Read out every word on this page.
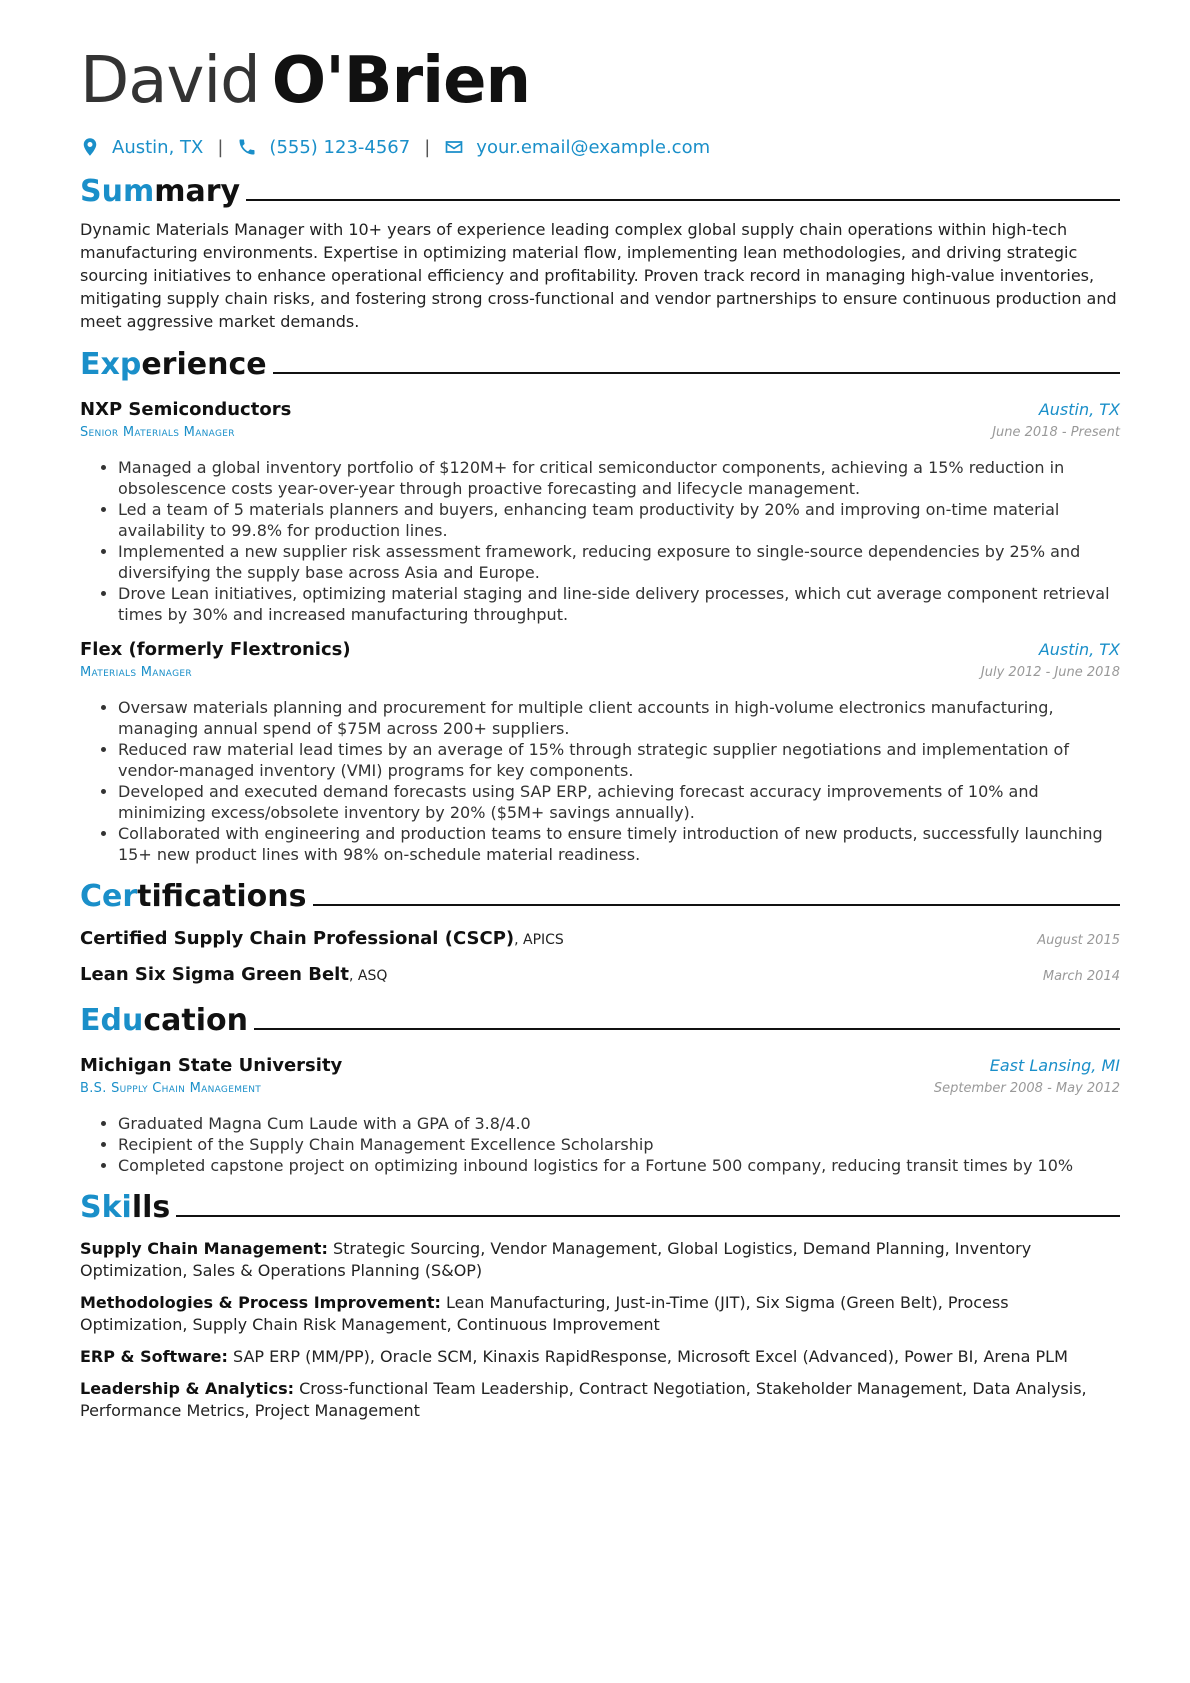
David O'Brien
Austin, TX |	(555) 123-4567 |	your.email@example.com
Summary
Dynamic Materials Manager with 10+ years of experience leading complex global supply chain operations within high-tech manufacturing environments. Expertise in optimizing material flow, implementing lean methodologies, and driving strategic sourcing initiatives to enhance operational efficiency and profitability. Proven track record in managing high-value inventories, mitigating supply chain risks, and fostering strong cross-functional and vendor partnerships to ensure continuous production and meet aggressive market demands.
Experience
NXP Semiconductors	Austin, TX
Senior Materials Manager	June 2018 - Present
• Managed a global inventory portfolio of $120M+ for critical semiconductor components, achieving a 15% reduction in obsolescence costs year-over-year through proactive forecasting and lifecycle management.
• Led a team of 5 materials planners and buyers, enhancing team productivity by 20% and improving on-time material availability to 99.8% for production lines.
• Implemented a new supplier risk assessment framework, reducing exposure to single-source dependencies by 25% and diversifying the supply base across Asia and Europe.
• Drove Lean initiatives, optimizing material staging and line-side delivery processes, which cut average component retrieval times by 30% and increased manufacturing throughput.
Flex (formerly Flextronics)	Austin, TX
Materials Manager	July 2012 - June 2018
• Oversaw materials planning and procurement for multiple client accounts in high-volume electronics manufacturing, managing annual spend of $75M across 200+ suppliers.
• Reduced raw material lead times by an average of 15% through strategic supplier negotiations and implementation of vendor-managed inventory (VMI) programs for key components.
• Developed and executed demand forecasts using SAP ERP, achieving forecast accuracy improvements of 10% and minimizing excess/obsolete inventory by 20% ($5M+ savings annually).
• Collaborated with engineering and production teams to ensure timely introduction of new products, successfully launching 15+ new product lines with 98% on-schedule material readiness.
Certifications
Certified Supply Chain Professional (CSCP), APICS	August 2015
Lean Six Sigma Green Belt, ASQ	March 2014
Education
Michigan State University	East Lansing, MI
B.S. Supply Chain Management	September 2008 - May 2012
• Graduated Magna Cum Laude with a GPA of 3.8/4.0
• Recipient of the Supply Chain Management Excellence Scholarship
• Completed capstone project on optimizing inbound logistics for a Fortune 500 company, reducing transit times by 10%
Skills
Supply Chain Management: Strategic Sourcing, Vendor Management, Global Logistics, Demand Planning, Inventory Optimization, Sales & Operations Planning (S&OP)
Methodologies & Process Improvement: Lean Manufacturing, Just-in-Time (JIT), Six Sigma (Green Belt), Process Optimization, Supply Chain Risk Management, Continuous Improvement
ERP & Software: SAP ERP (MM/PP), Oracle SCM, Kinaxis RapidResponse, Microsoft Excel (Advanced), Power BI, Arena PLM
Leadership & Analytics: Cross-functional Team Leadership, Contract Negotiation, Stakeholder Management, Data Analysis, Performance Metrics, Project Management
